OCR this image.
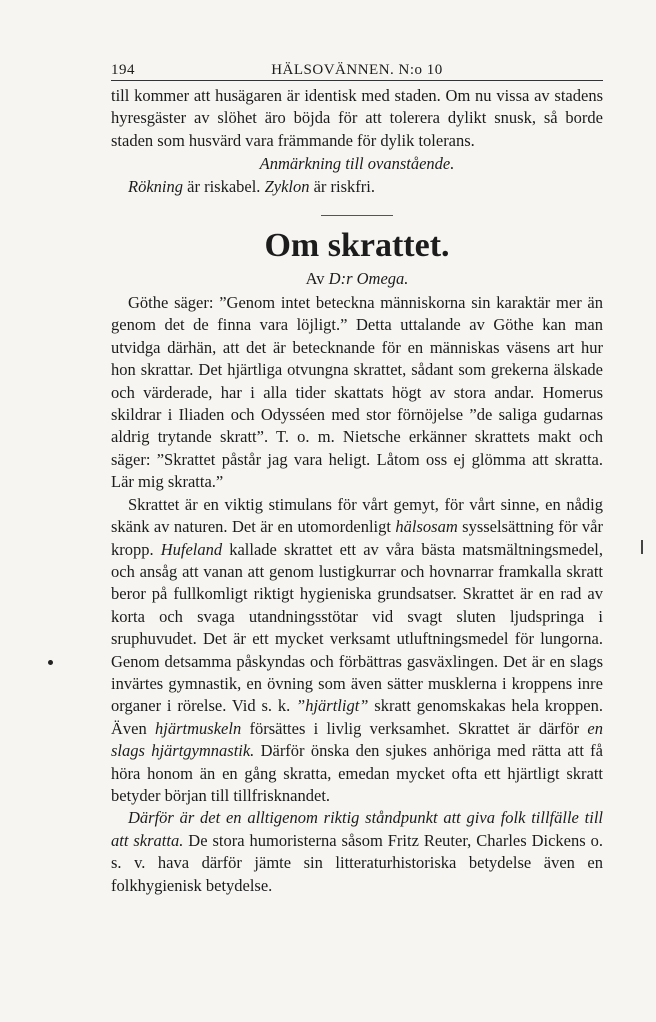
194	HÄLSOVÄNNEN. N:o 10

till kommer att husägaren är identisk med staden. Om nu vissa av stadens hyresgäster av slöhet äro böjda för att tolerera dylikt snusk, så borde staden som husvärd vara främmande för dylik tolerans.

Anmärkning till ovanstående.

Rökning är riskabel. Zyklon är riskfri.

Om skrattet.

Av D:r Omega.

Göthe säger: ”Genom intet beteckna människorna sin karaktär mer än genom det de finna vara löjligt.” Detta uttalande av Göthe kan man utvidga därhän, att det är betecknande för en människas väsens art hur hon skrattar. Det hjärtliga otvungna skrattet, sådant som grekerna älskade och värderade, har i alla tider skattats högt av stora andar. Homerus skildrar i Iliaden och Odysséen med stor förnöjelse ”de saliga gudarnas aldrig trytande skratt”. T. o. m. Nietsche erkänner skrattets makt och säger: ”Skrattet påstår jag vara heligt. Låtom oss ej glömma att skratta. Lär mig skratta.”

Skrattet är en viktig stimulans för vårt gemyt, för vårt sinne, en nådig skänk av naturen. Det är en utomordenligt hälsosam sysselsättning för vår kropp. Hufeland kallade skrattet ett av våra bästa matsmältningsmedel, och ansåg att vanan att genom lustigkurrar och hovnarrar framkalla skratt beror på fullkomligt riktigt hygieniska grundsatser. Skrattet är en rad av korta och svaga utandningsstötar vid svagt sluten ljudspringa i sruphuvudet. Det är ett mycket verksamt utluftningsmedel för lungorna. Genom detsamma påskyndas och förbättras gasväxlingen. Det är en slags invärtes gymnastik, en övning som även sätter musklerna i kroppens inre organer i rörelse. Vid s. k. ”hjärtligt” skratt genomskakas hela kroppen. Även hjärtmuskeln försättes i livlig verksamhet. Skrattet är därför en slags hjärtgymnastik. Därför önska den sjukes anhöriga med rätta att få höra honom än en gång skratta, emedan mycket ofta ett hjärtligt skratt betyder början till tillfrisknandet.

Därför är det en alltigenom riktig ståndpunkt att giva folk tillfälle till att skratta. De stora humoristerna såsom Fritz Reuter, Charles Dickens o. s. v. hava därför jämte sin litteraturhistoriska betydelse även en folkhygienisk betydelse.
